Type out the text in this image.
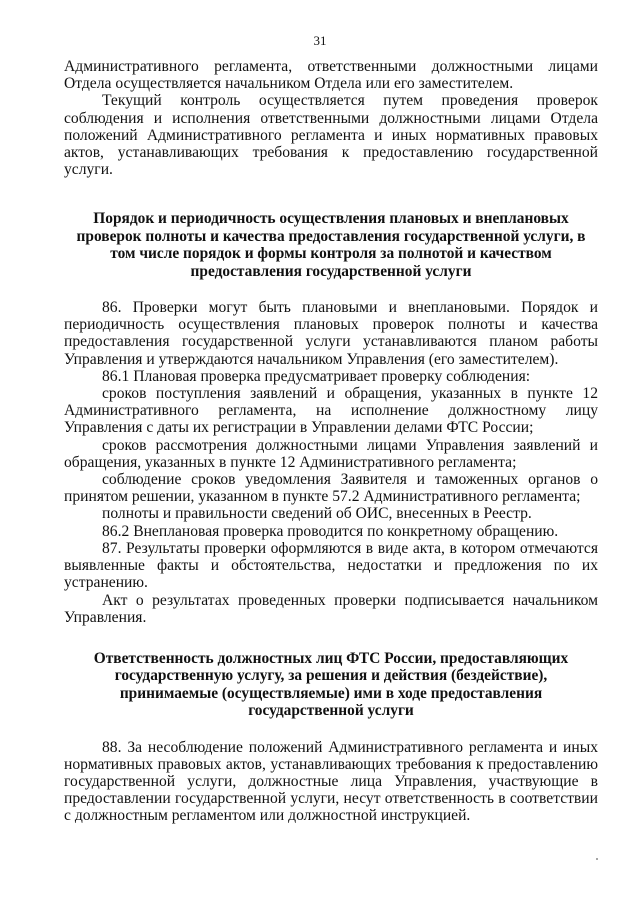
31

Административного регламента, ответственными должностными лицами Отдела осуществляется начальником Отдела или его заместителем.

Текущий контроль осуществляется путем проведения проверок соблюдения и исполнения ответственными должностными лицами Отдела положений Административного регламента и иных нормативных правовых актов, устанавливающих требования к предоставлению государственной услуги.

Порядок и периодичность осуществления плановых и внеплановых проверок полноты и качества предоставления государственной услуги, в том числе порядок и формы контроля за полнотой и качеством предоставления государственной услуги

86. Проверки могут быть плановыми и внеплановыми. Порядок и периодичность осуществления плановых проверок полноты и качества предоставления государственной услуги устанавливаются планом работы Управления и утверждаются начальником Управления (его заместителем).

86.1 Плановая проверка предусматривает проверку соблюдения:

сроков поступления заявлений и обращения, указанных в пункте 12 Административного регламента, на исполнение должностному лицу Управления с даты их регистрации в Управлении делами ФТС России;

сроков рассмотрения должностными лицами Управления заявлений и обращения, указанных в пункте 12 Административного регламента;

соблюдение сроков уведомления Заявителя и таможенных органов о принятом решении, указанном в пункте 57.2 Административного регламента;

полноты и правильности сведений об ОИС, внесенных в Реестр.

86.2 Внеплановая проверка проводится по конкретному обращению.

87. Результаты проверки оформляются в виде акта, в котором отмечаются выявленные факты и обстоятельства, недостатки и предложения по их устранению.

Акт о результатах проведенных проверки подписывается начальником Управления.

Ответственность должностных лиц ФТС России, предоставляющих государственную услугу, за решения и действия (бездействие), принимаемые (осуществляемые) ими в ходе предоставления государственной услуги

88. За несоблюдение положений Административного регламента и иных нормативных правовых актов, устанавливающих требования к предоставлению государственной услуги, должностные лица Управления, участвующие в предоставлении государственной услуги, несут ответственность в соответствии с должностным регламентом или должностной инструкцией.
